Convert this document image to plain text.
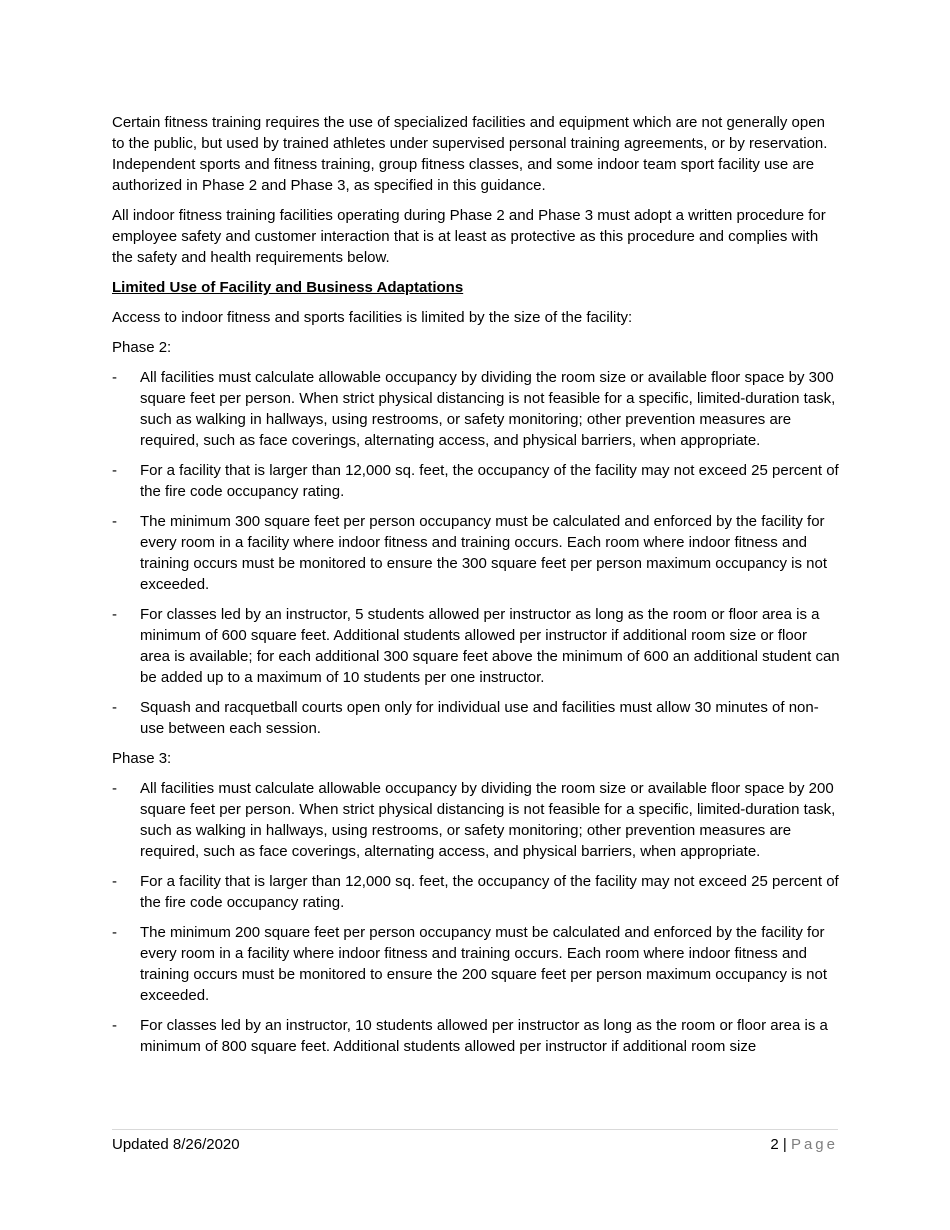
Certain fitness training requires the use of specialized facilities and equipment which are not generally open to the public, but used by trained athletes under supervised personal training agreements, or by reservation. Independent sports and fitness training, group fitness classes, and some indoor team sport facility use are authorized in Phase 2 and Phase 3, as specified in this guidance.

All indoor fitness training facilities operating during Phase 2 and Phase 3 must adopt a written procedure for employee safety and customer interaction that is at least as protective as this procedure and complies with the safety and health requirements below.

Limited Use of Facility and Business Adaptations

Access to indoor fitness and sports facilities is limited by the size of the facility:

Phase 2:

- All facilities must calculate allowable occupancy by dividing the room size or available floor space by 300 square feet per person. When strict physical distancing is not feasible for a specific, limited-duration task, such as walking in hallways, using restrooms, or safety monitoring; other prevention measures are required, such as face coverings, alternating access, and physical barriers, when appropriate.
- For a facility that is larger than 12,000 sq. feet, the occupancy of the facility may not exceed 25 percent of the fire code occupancy rating.
- The minimum 300 square feet per person occupancy must be calculated and enforced by the facility for every room in a facility where indoor fitness and training occurs. Each room where indoor fitness and training occurs must be monitored to ensure the 300 square feet per person maximum occupancy is not exceeded.
- For classes led by an instructor, 5 students allowed per instructor as long as the room or floor area is a minimum of 600 square feet. Additional students allowed per instructor if additional room size or floor area is available; for each additional 300 square feet above the minimum of 600 an additional student can be added up to a maximum of 10 students per one instructor.
- Squash and racquetball courts open only for individual use and facilities must allow 30 minutes of non-use between each session.

Phase 3:

- All facilities must calculate allowable occupancy by dividing the room size or available floor space by 200 square feet per person. When strict physical distancing is not feasible for a specific, limited-duration task, such as walking in hallways, using restrooms, or safety monitoring; other prevention measures are required, such as face coverings, alternating access, and physical barriers, when appropriate.
- For a facility that is larger than 12,000 sq. feet, the occupancy of the facility may not exceed 25 percent of the fire code occupancy rating.
- The minimum 200 square feet per person occupancy must be calculated and enforced by the facility for every room in a facility where indoor fitness and training occurs. Each room where indoor fitness and training occurs must be monitored to ensure the 200 square feet per person maximum occupancy is not exceeded.
- For classes led by an instructor, 10 students allowed per instructor as long as the room or floor area is a minimum of 800 square feet. Additional students allowed per instructor if additional room size
Updated 8/26/2020	2 | Page
